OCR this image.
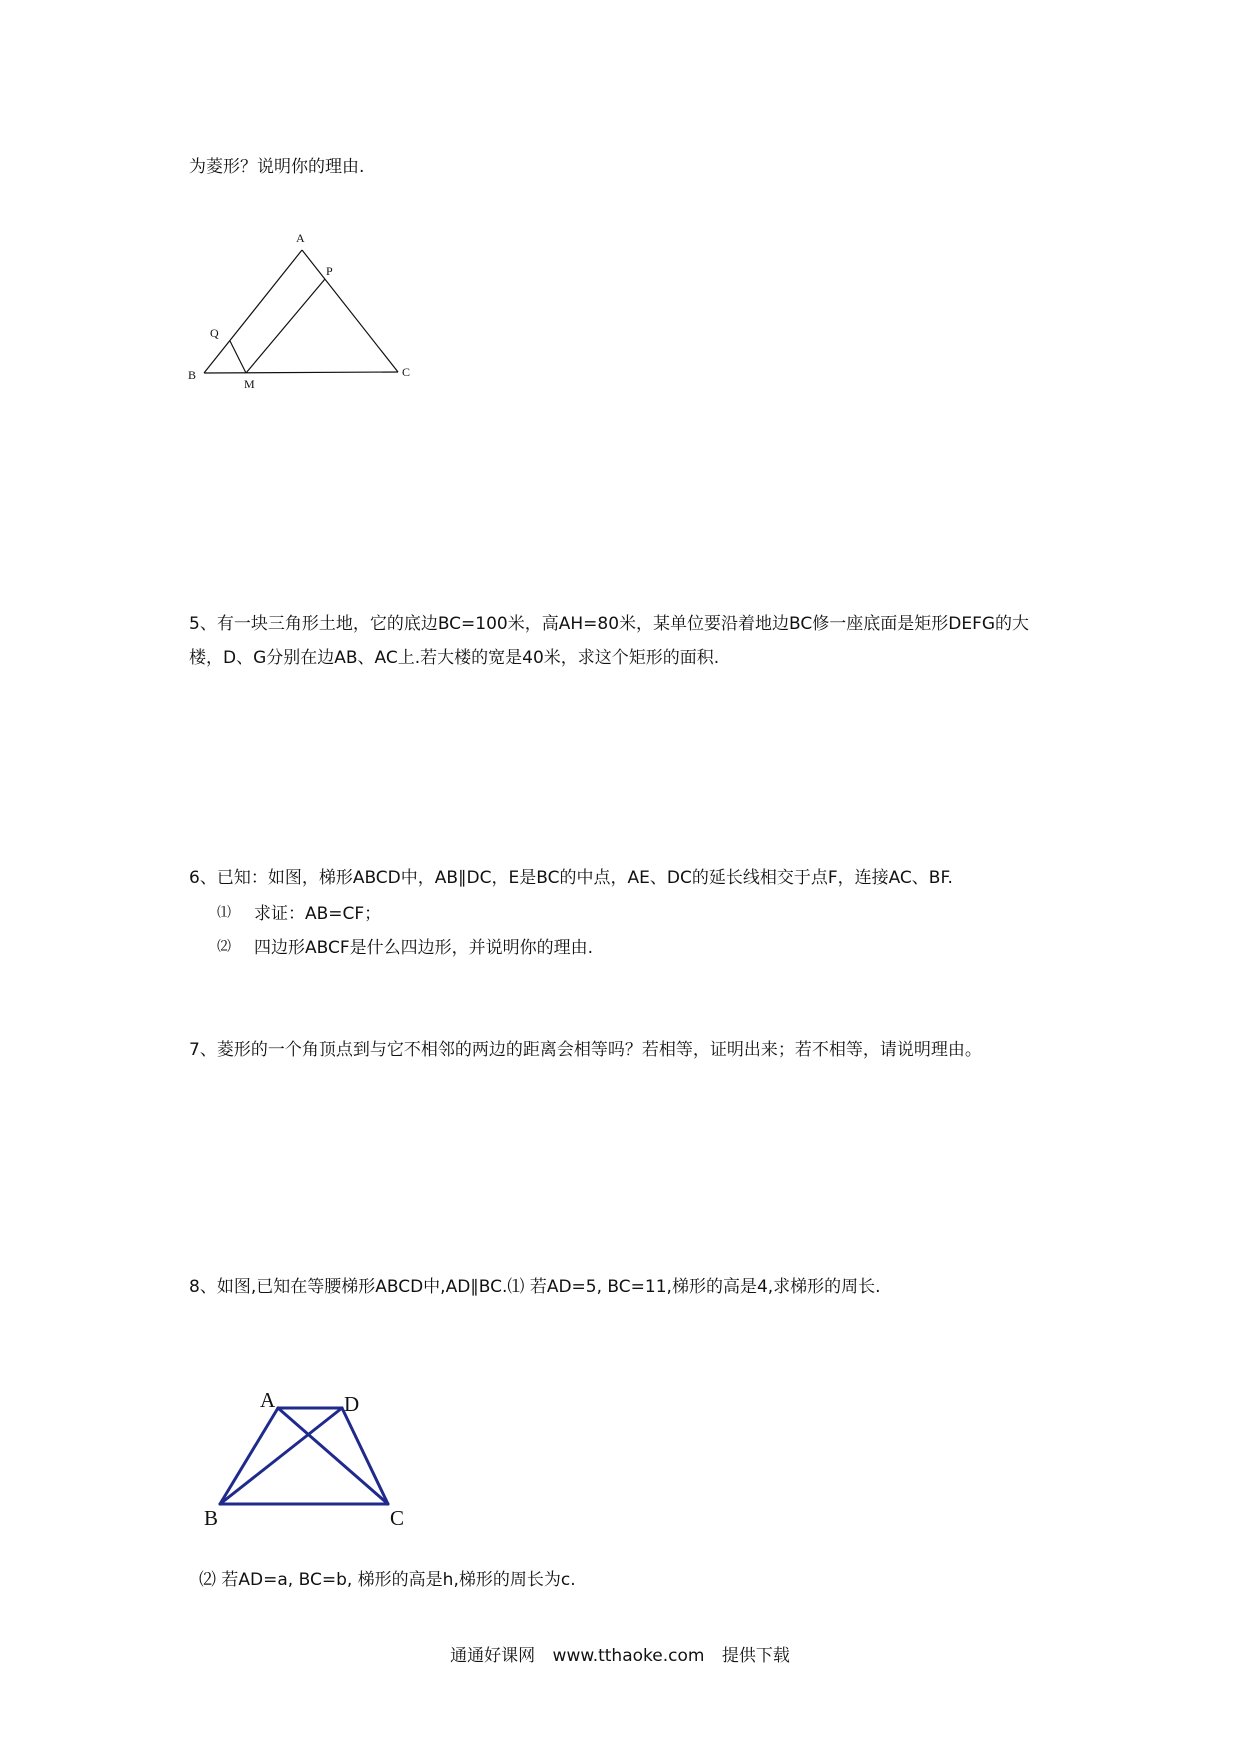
为菱形？说明你的理由.
A
P
Q
B
M
C
5、有一块三角形土地，它的底边BC=100米，高AH=80米，某单位要沿着地边BC修一座底面是矩形DEFG的大
楼，D、G分别在边AB、AC上.若大楼的宽是40米，求这个矩形的面积.
6、已知：如图，梯形ABCD中，AB∥DC，E是BC的中点，AE、DC的延长线相交于点F，连接AC、BF.
⑴ 求证：AB=CF；
⑵ 四边形ABCF是什么四边形，并说明你的理由.
7、菱形的一个角顶点到与它不相邻的两边的距离会相等吗？若相等，证明出来；若不相等，请说明理由。
8、如图,已知在等腰梯形ABCD中,AD∥BC.⑴ 若AD=5, BC=11,梯形的高是4,求梯形的周长.
A	D
B	C
⑵ 若AD=a, BC=b, 梯形的高是h,梯形的周长为c.
通通好课网 www.tthaoke.com 提供下载
